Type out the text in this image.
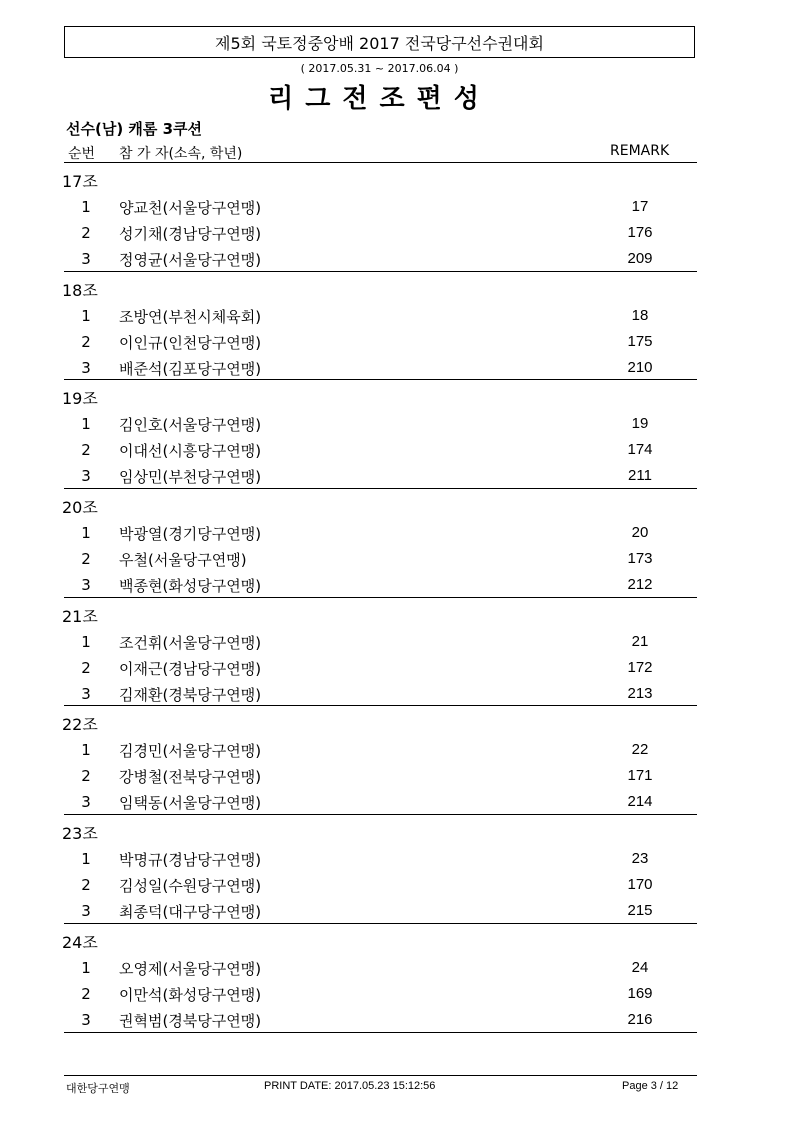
제5회 국토정중앙배 2017 전국당구선수권대회
( 2017.05.31 ~ 2017.06.04 )
리그전조편성
선수(남) 캐롬 3쿠션
순번 참 가 자(소속, 학년)	REMARK
17조
1 양교천(서울당구연맹)	17
2 성기채(경남당구연맹)	176
3 정영균(서울당구연맹)	209
18조
1 조방연(부천시체육회)	18
2 이인규(인천당구연맹)	175
3 배준석(김포당구연맹)	210
19조
1 김인호(서울당구연맹)	19
2 이대선(시흥당구연맹)	174
3 임상민(부천당구연맹)	211
20조
1 박광열(경기당구연맹)	20
2 우철(서울당구연맹)	173
3 백종현(화성당구연맹)	212
21조
1 조건휘(서울당구연맹)	21
2 이재근(경남당구연맹)	172
3 김재환(경북당구연맹)	213
22조
1 김경민(서울당구연맹)	22
2 강병철(전북당구연맹)	171
3 임택동(서울당구연맹)	214
23조
1 박명규(경남당구연맹)	23
2 김성일(수원당구연맹)	170
3 최종덕(대구당구연맹)	215
24조
1 오영제(서울당구연맹)	24
2 이만석(화성당구연맹)	169
3 권혁범(경북당구연맹)	216
대한당구연맹	PRINT DATE: 2017.05.23 15:12:56	Page 3 / 12
